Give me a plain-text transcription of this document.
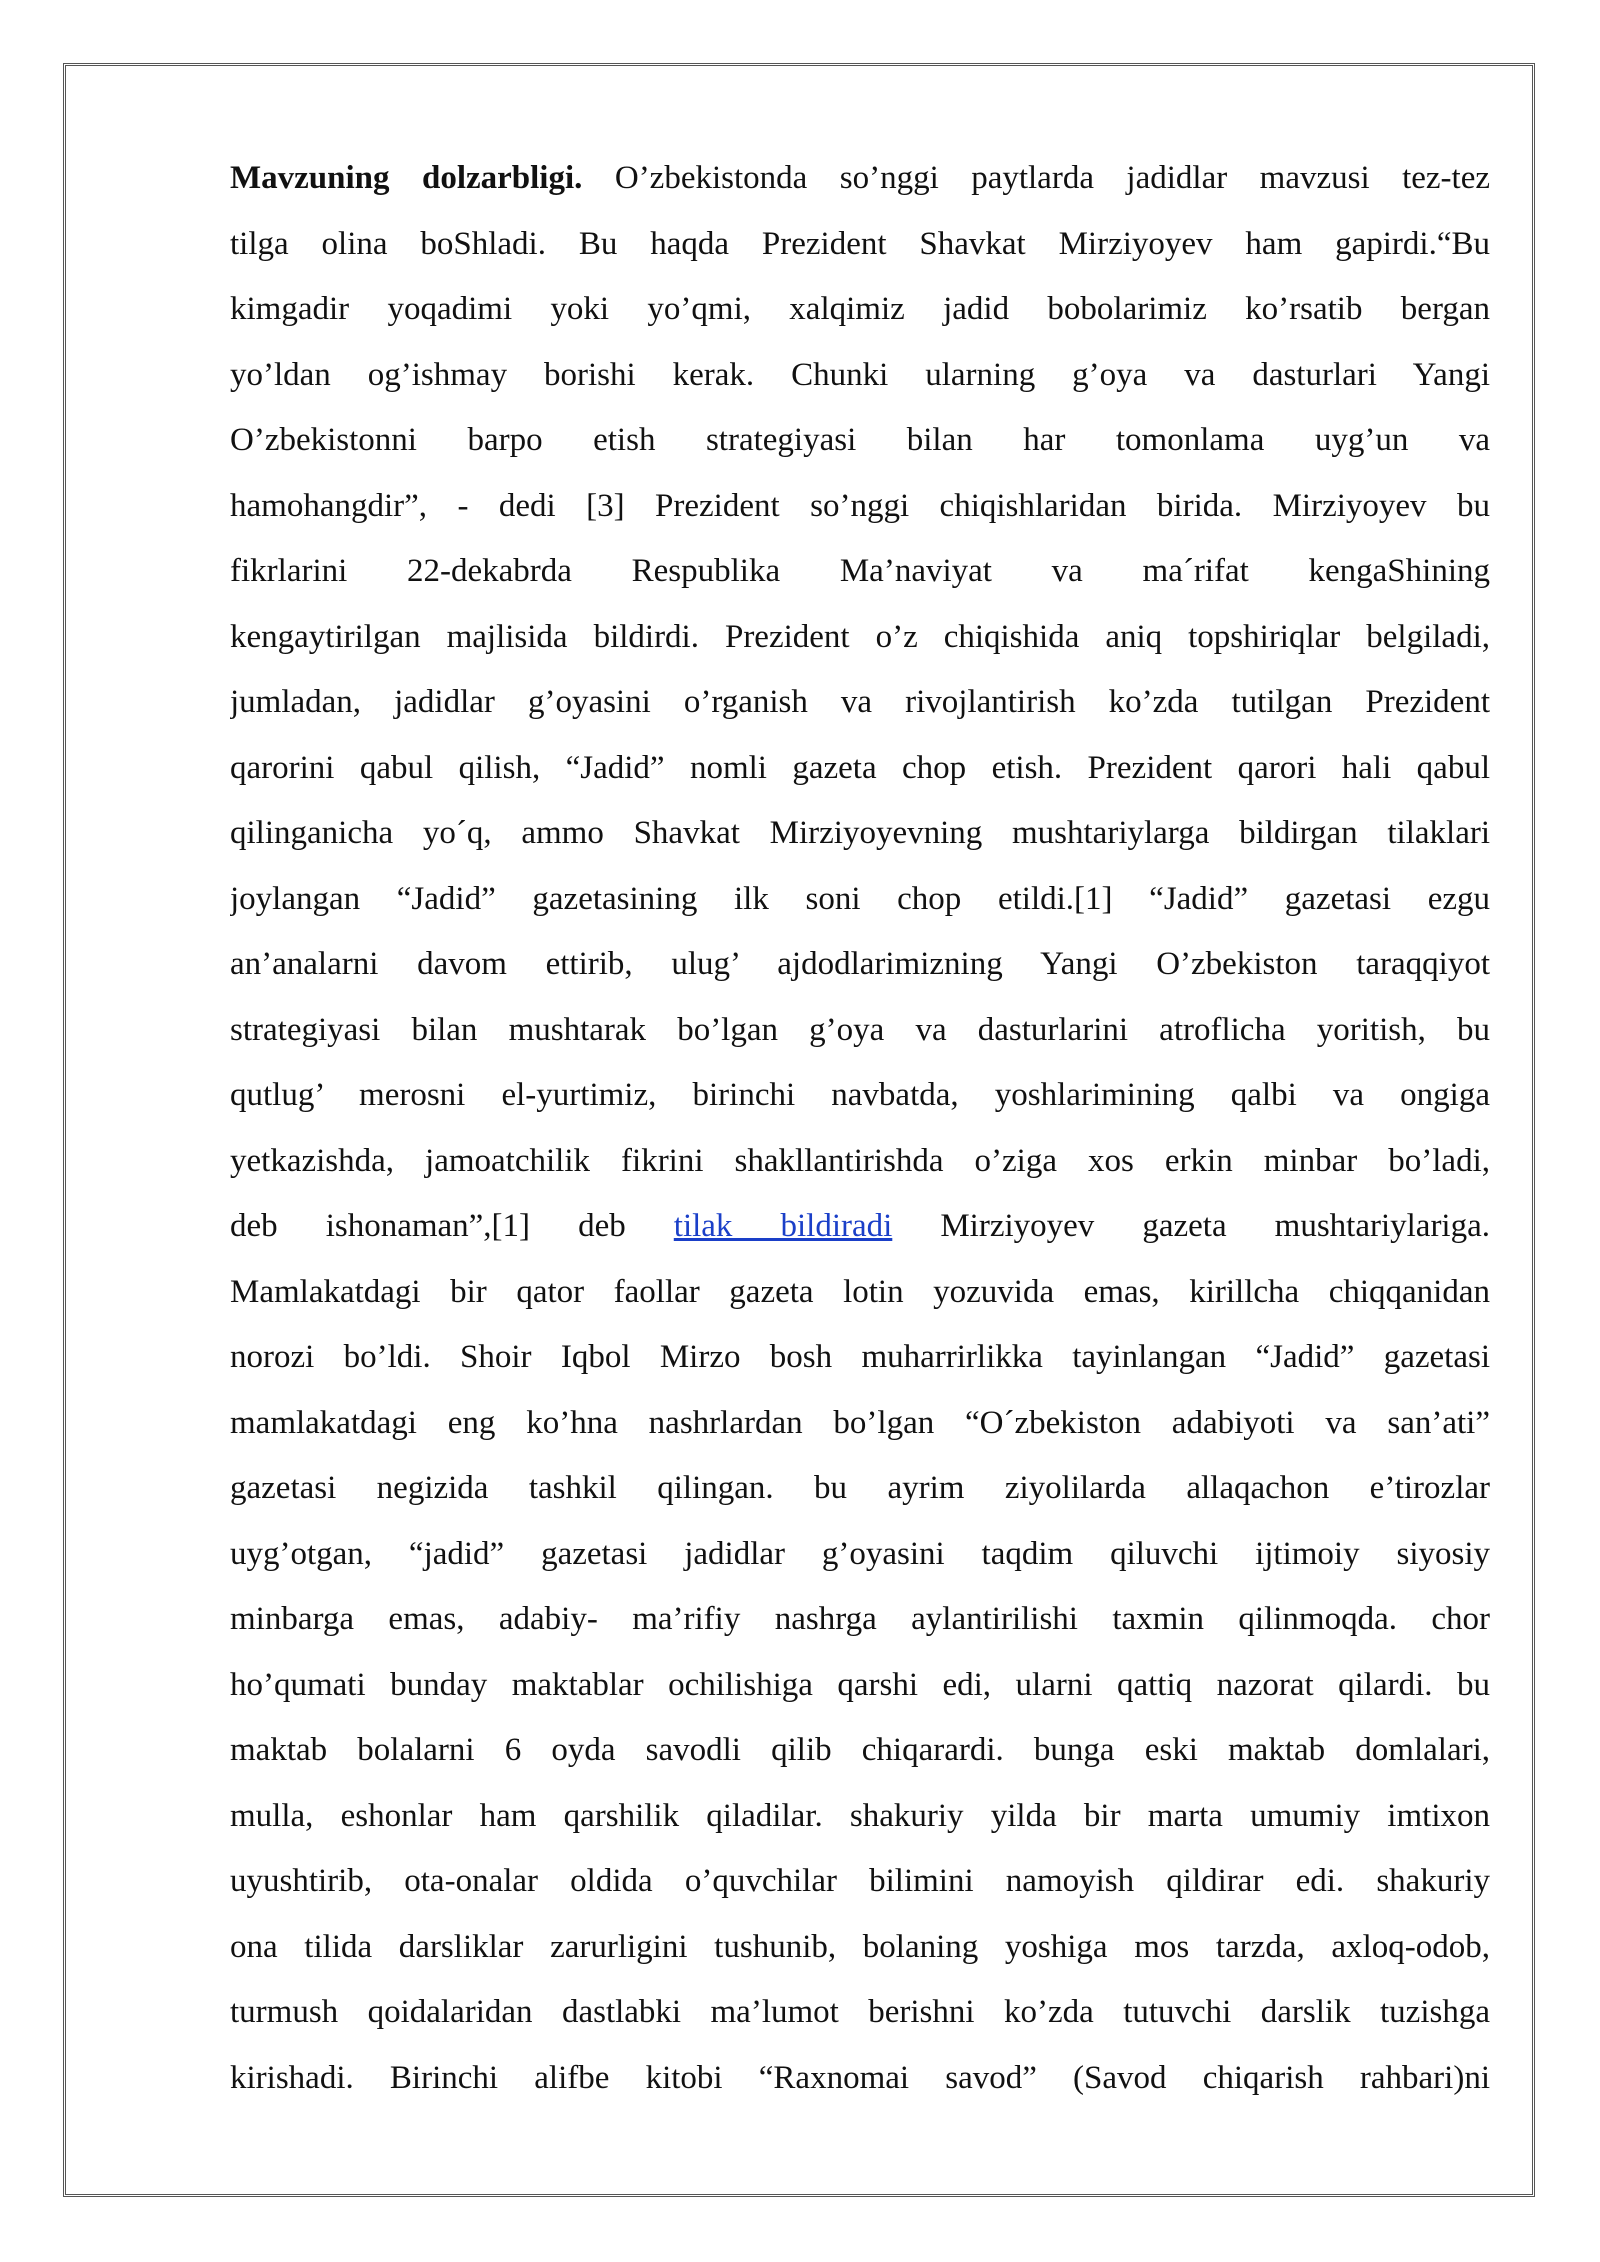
Mavzuning dolzarbligi. O’zbekistonda so’nggi paytlarda jadidlar mavzusi tez-tez
tilga olina boShladi. Bu haqda Prezident Shavkat Mirziyoyev ham gapirdi.“Bu
kimgadir yoqadimi yoki yo’qmi, xalqimiz jadid bobolarimiz ko’rsatib bergan
yo’ldan og’ishmay borishi kerak. Chunki ularning g’oya va dasturlari Yangi
O’zbekistonni barpo etish strategiyasi bilan har tomonlama uyg’un va
hamohangdir”, - dedi [3] Prezident so’nggi chiqishlaridan birida. Mirziyoyev bu
fikrlarini 22-dekabrda Respublika Ma’naviyat va ma´rifat kengaShining
kengaytirilgan majlisida bildirdi. Prezident o’z chiqishida aniq topshiriqlar belgiladi,
jumladan, jadidlar g’oyasini o’rganish va rivojlantirish ko’zda tutilgan Prezident
qarorini qabul qilish, “Jadid” nomli gazeta chop etish. Prezident qarori hali qabul
qilinganicha yo´q, ammo Shavkat Mirziyoyevning mushtariylarga bildirgan tilaklari
joylangan “Jadid” gazetasining ilk soni chop etildi.[1] “Jadid” gazetasi ezgu
an’analarni davom ettirib, ulug’ ajdodlarimizning Yangi O’zbekiston taraqqiyot
strategiyasi bilan mushtarak bo’lgan g’oya va dasturlarini atroflicha yoritish, bu
qutlug’ merosni el-yurtimiz, birinchi navbatda, yoshlarimining qalbi va ongiga
yetkazishda, jamoatchilik fikrini shakllantirishda o’ziga xos erkin minbar bo’ladi,
deb ishonaman”,[1] deb tilak bildiradi Mirziyoyev gazeta mushtariylariga.
Mamlakatdagi bir qator faollar gazeta lotin yozuvida emas, kirillcha chiqqanidan
norozi bo’ldi. Shoir Iqbol Mirzo bosh muharrirlikka tayinlangan “Jadid” gazetasi
mamlakatdagi eng ko’hna nashrlardan bo’lgan “O´zbekiston adabiyoti va san’ati”
gazetasi negizida tashkil qilingan. bu ayrim ziyolilarda allaqachon e’tirozlar
uyg’otgan, “jadid” gazetasi jadidlar g’oyasini taqdim qiluvchi ijtimoiy siyosiy
minbarga emas, adabiy- ma’rifiy nashrga aylantirilishi taxmin qilinmoqda. chor
ho’qumati bunday maktablar ochilishiga qarshi edi, ularni qattiq nazorat qilardi. bu
maktab bolalarni 6 oyda savodli qilib chiqarardi. bunga eski maktab domlalari,
mulla, eshonlar ham qarshilik qiladilar. shakuriy yilda bir marta umumiy imtixon
uyushtirib, ota-onalar oldida o’quvchilar bilimini namoyish qildirar edi. shakuriy
ona tilida darsliklar zarurligini tushunib, bolaning yoshiga mos tarzda, axloq-odob,
turmush qoidalaridan dastlabki ma’lumot berishni ko’zda tutuvchi darslik tuzishga
kirishadi. Birinchi alifbe kitobi “Raxnomai savod” (Savod chiqarish rahbari)ni
